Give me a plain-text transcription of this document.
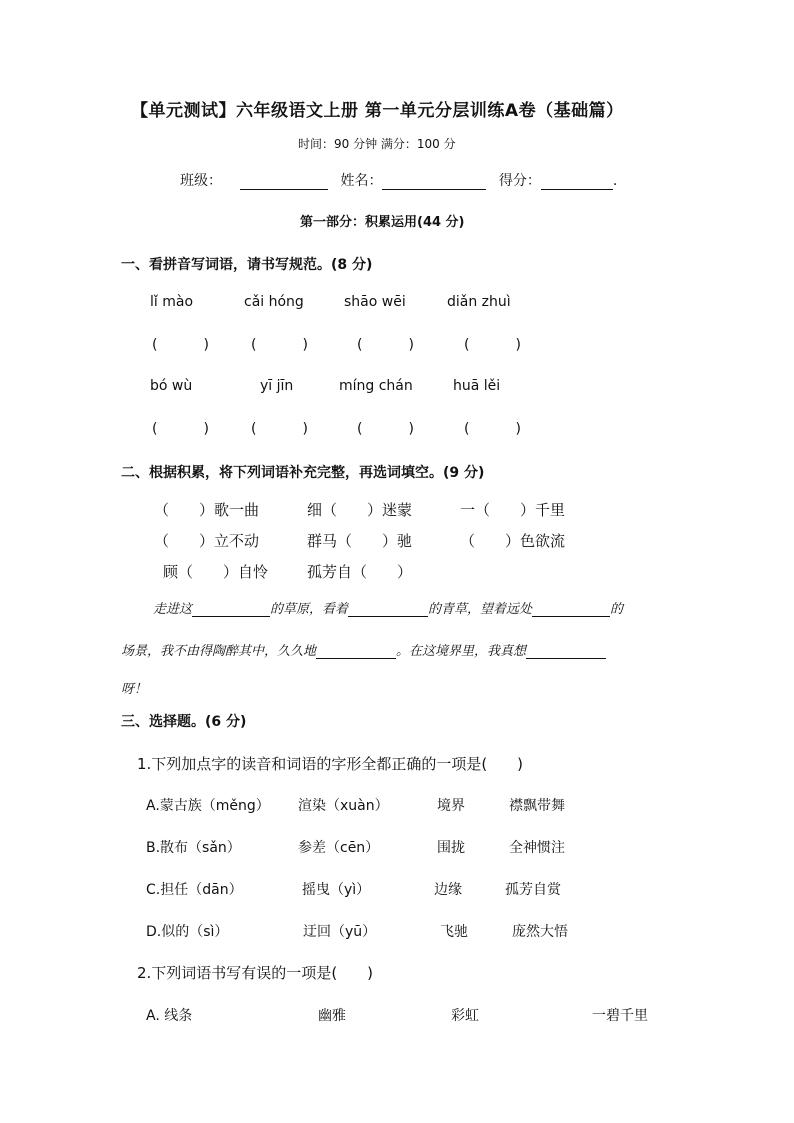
【单元测试】六年级语文上册 第一单元分层训练A卷（基础篇）
时间：90 分钟 满分：100 分
班级：	姓名：	得分：	.
第一部分：积累运用(44 分)
一、看拼音写词语，请书写规范。(8 分)
lǐ mào	cǎi hóng	shāo wēi	diǎn zhuì
(	)	(	)	(	)	(	)
bó wù	yī jīn	míng chán	huā lěi
(	)	(	)	(	)	(	)
二、根据积累，将下列词语补充完整，再选词填空。(9 分)
（　　）歌一曲	细（　　）迷蒙	一（　　）千里
（　　）立不动	群马（　　）驰	（　　）色欲流
顾（　　）自怜	孤芳自（　　）
走进这	的草原，看着	的青草，望着远处	的
场景，我不由得陶醉其中，久久地	。在这境界里，我真想
呀！
三、选择题。(6 分)
1.下列加点字的读音和词语的字形全都正确的一项是(　　)
A.蒙古族（měng） 渲染（xuàn）	境界	襟飘带舞
B.散布（sǎn）	参差（cēn）	围拢	全神惯注
C.担任（dān）	摇曳（yì）	边缘	孤芳自赏
D.似的（sì）	迂回（yū）	飞驰	庞然大悟
2.下列词语书写有误的一项是(　　)
A. 线条	幽雅	彩虹	一碧千里
